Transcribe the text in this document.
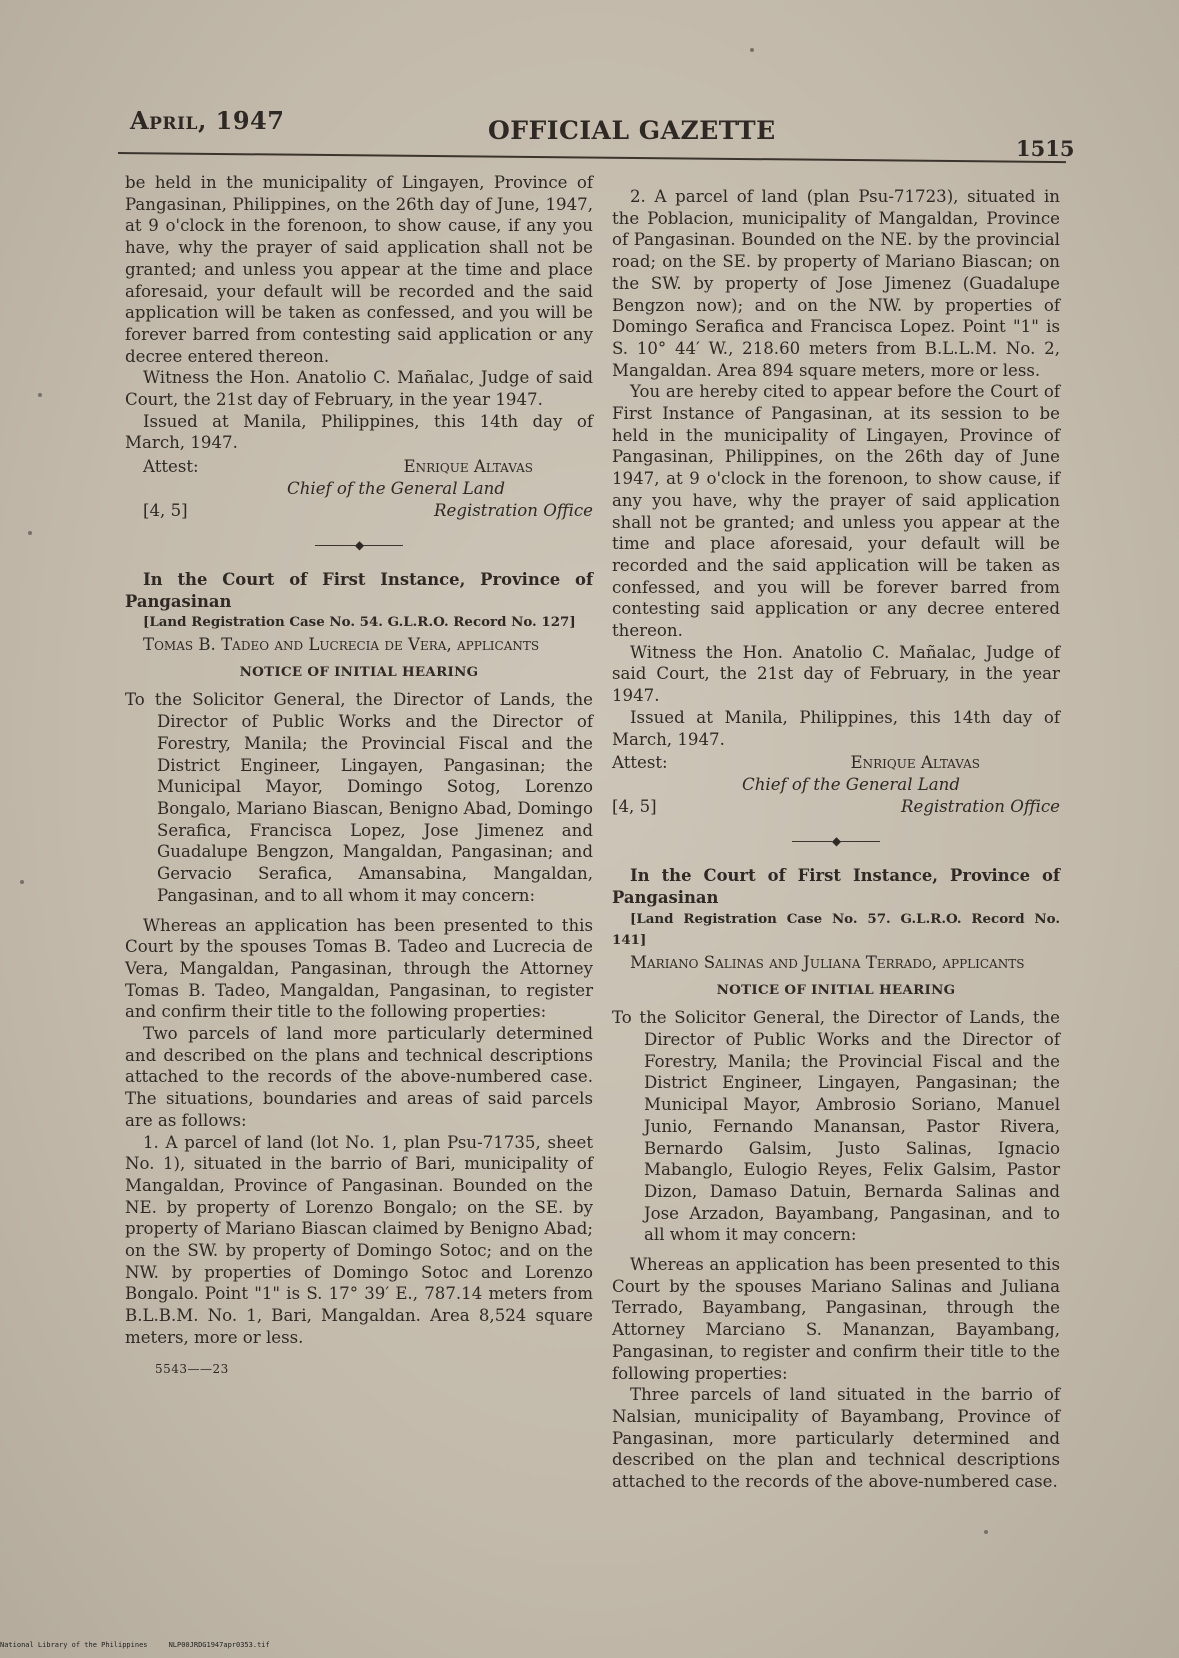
April, 1947	OFFICIAL GAZETTE
1515

be held in the municipality of Lingayen, Province of Pangasinan, Philippines, on the 26th day of June, 1947, at 9 o'clock in the forenoon, to show cause, if any you have, why the prayer of said application shall not be granted; and unless you appear at the time and place aforesaid, your default will be recorded and the said application will be taken as confessed, and you will be forever barred from contesting said application or any decree entered thereon.

Witness the Hon. Anatolio C. Mañalac, Judge of said Court, the 21st day of February, in the year 1947.

Issued at Manila, Philippines, this 14th day of March, 1947.

Attest:	Enrique Altavas
Chief of the General Land
[4, 5]	Registration Office
◆

In the Court of First Instance, Province of Pangasinan

[Land Registration Case No. 54. G.L.R.O. Record No. 127]

Tomas B. Tadeo and Lucrecia de Vera, applicants

NOTICE OF INITIAL HEARING

To the Solicitor General, the Director of Lands, the Director of Public Works and the Director of Forestry, Manila; the Provincial Fiscal and the District Engineer, Lingayen, Pangasinan; the Municipal Mayor, Domingo Sotog, Lorenzo Bongalo, Mariano Biascan, Benigno Abad, Domingo Serafica, Francisca Lopez, Jose Jimenez and Guadalupe Bengzon, Mangaldan, Pangasinan; and Gervacio Serafica, Amansabina, Mangaldan, Pangasinan, and to all whom it may concern:

Whereas an application has been presented to this Court by the spouses Tomas B. Tadeo and Lucrecia de Vera, Mangaldan, Pangasinan, through the Attorney Tomas B. Tadeo, Mangaldan, Pangasinan, to register and confirm their title to the following properties:

Two parcels of land more particularly determined and described on the plans and technical descriptions attached to the records of the above-numbered case. The situations, boundaries and areas of said parcels are as follows:

1. A parcel of land (lot No. 1, plan Psu-71735, sheet No. 1), situated in the barrio of Bari, municipality of Mangaldan, Province of Pangasinan. Bounded on the NE. by property of Lorenzo Bongalo; on the SE. by property of Mariano Biascan claimed by Benigno Abad; on the SW. by property of Domingo Sotoc; and on the NW. by properties of Domingo Sotoc and Lorenzo Bongalo. Point "1" is S. 17° 39′ E., 787.14 meters from B.L.B.M. No. 1, Bari, Mangaldan. Area 8,524 square meters, more or less.

5543——23

2. A parcel of land (plan Psu-71723), situated in the Poblacion, municipality of Mangaldan, Province of Pangasinan. Bounded on the NE. by the provincial road; on the SE. by property of Mariano Biascan; on the SW. by property of Jose Jimenez (Guadalupe Bengzon now); and on the NW. by properties of Domingo Serafica and Francisca Lopez. Point "1" is S. 10° 44′ W., 218.60 meters from B.L.L.M. No. 2, Mangaldan. Area 894 square meters, more or less.

You are hereby cited to appear before the Court of First Instance of Pangasinan, at its session to be held in the municipality of Lingayen, Province of Pangasinan, Philippines, on the 26th day of June 1947, at 9 o'clock in the forenoon, to show cause, if any you have, why the prayer of said application shall not be granted; and unless you appear at the time and place aforesaid, your default will be recorded and the said application will be taken as confessed, and you will be forever barred from contesting said application or any decree entered thereon.

Witness the Hon. Anatolio C. Mañalac, Judge of said Court, the 21st day of February, in the year 1947.

Issued at Manila, Philippines, this 14th day of March, 1947.

Attest:	Enrique Altavas
Chief of the General Land
[4, 5]	Registration Office
◆

In the Court of First Instance, Province of Pangasinan

[Land Registration Case No. 57. G.L.R.O. Record No. 141]

Mariano Salinas and Juliana Terrado, applicants

NOTICE OF INITIAL HEARING

To the Solicitor General, the Director of Lands, the Director of Public Works and the Director of Forestry, Manila; the Provincial Fiscal and the District Engineer, Lingayen, Pangasinan; the Municipal Mayor, Ambrosio Soriano, Manuel Junio, Fernando Manansan, Pastor Rivera, Bernardo Galsim, Justo Salinas, Ignacio Mabanglo, Eulogio Reyes, Felix Galsim, Pastor Dizon, Damaso Datuin, Bernarda Salinas and Jose Arzadon, Bayambang, Pangasinan, and to all whom it may concern:

Whereas an application has been presented to this Court by the spouses Mariano Salinas and Juliana Terrado, Bayambang, Pangasinan, through the Attorney Marciano S. Mananzan, Bayambang, Pangasinan, to register and confirm their title to the following properties:

Three parcels of land situated in the barrio of Nalsian, municipality of Bayambang, Province of Pangasinan, more particularly determined and described on the plan and technical descriptions attached to the records of the above-numbered case.

National Library of the Philippines     NLP00JRDG1947apr0353.tif
